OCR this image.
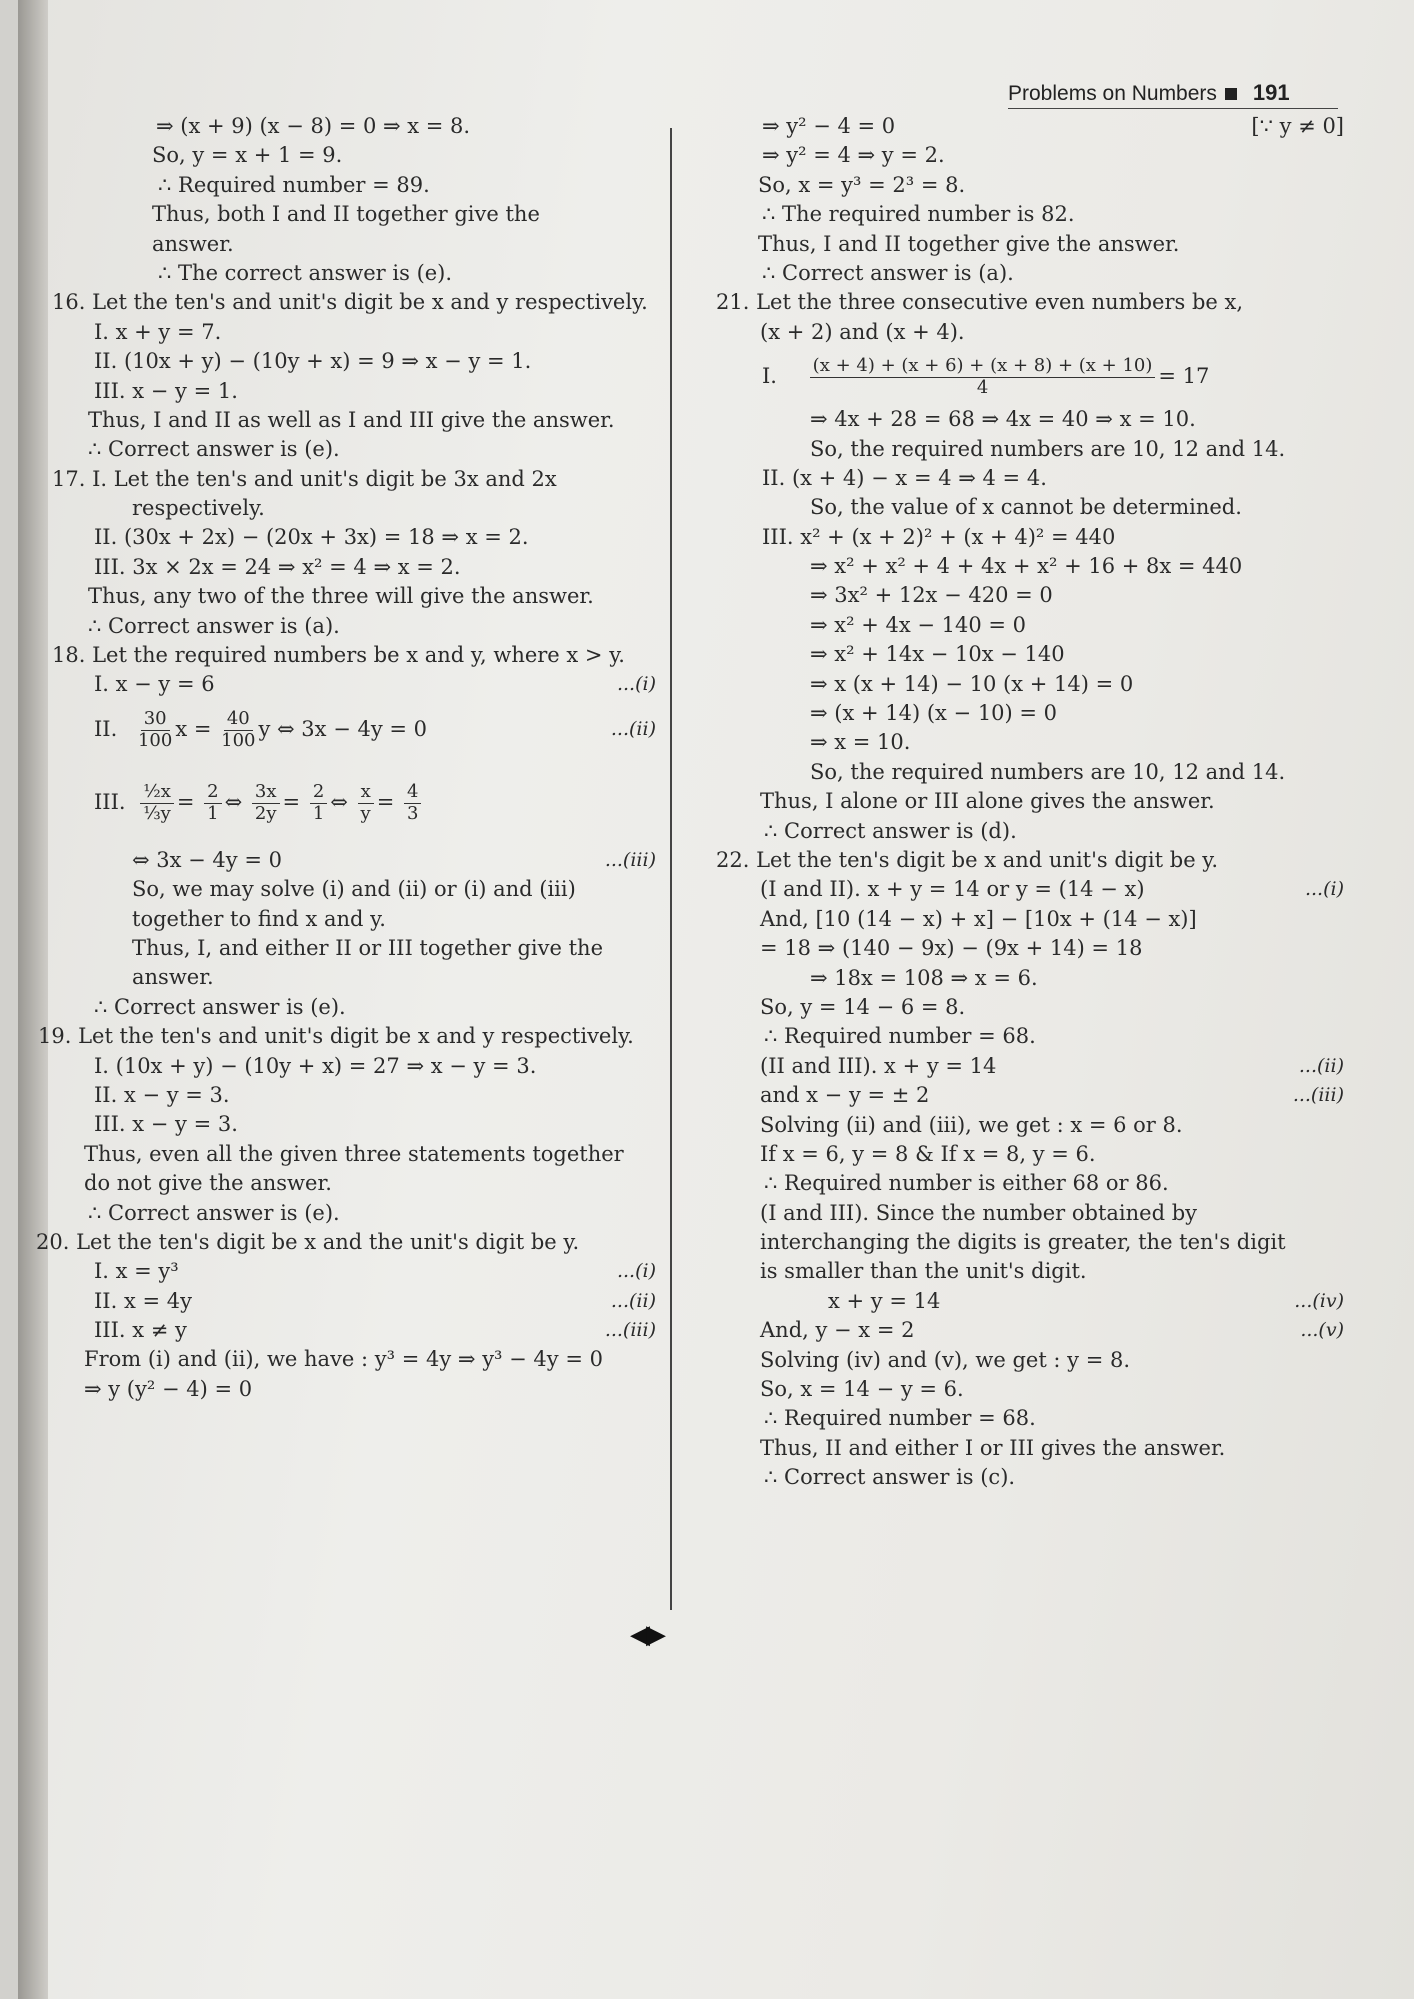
Problems on Numbers 191
⇒ (x + 9) (x − 8) = 0 ⇒ x = 8.
So, y = x + 1 = 9.
∴ Required number = 89.
Thus, both I and II together give the
answer.
∴ The correct answer is (e).
16. Let the ten's and unit's digit be x and y respectively.
I. x + y = 7.
II. (10x + y) − (10y + x) = 9 ⇒ x − y = 1.
III. x − y = 1.
Thus, I and II as well as I and III give the answer.
∴ Correct answer is (e).
17. I. Let the ten's and unit's digit be 3x and 2x
respectively.
II. (30x + 2x) − (20x + 3x) = 18 ⇒ x = 2.
III. 3x × 2x = 24 ⇒ x² = 4 ⇒ x = 2.
Thus, any two of the three will give the answer.
∴ Correct answer is (a).
18. Let the required numbers be x and y, where x > y.
I. x − y = 6	...(i)
II. $\frac{30}{100}$ $x = \frac{40}{100}$ y ⇔ 3x − 4y = 0	...(ii)
III. $\frac{\text{½x}}{\text{⅓y}} = \frac{2}{1}$ ⇔ $\frac{3x}{2y} = \frac{2}{1}$ ⇔ $\frac{x}{y} = \frac{4}{3}$
⇔ 3x − 4y = 0	...(iii)
So, we may solve (i) and (ii) or (i) and (iii)
together to find x and y.
Thus, I, and either II or III together give the
answer.
∴ Correct answer is (e).
19. Let the ten's and unit's digit be x and y respectively.
I. (10x + y) − (10y + x) = 27 ⇒ x − y = 3.
II. x − y = 3.
III. x − y = 3.
Thus, even all the given three statements together
do not give the answer.
∴ Correct answer is (e).
20. Let the ten's digit be x and the unit's digit be y.
I. x = y³	...(i)
II. x = 4y	...(ii)
III. x ≠ y	...(iii)
From (i) and (ii), we have : y³ = 4y ⇒ y³ − 4y = 0
⇒ y (y² − 4) = 0
⇒ y² − 4 = 0	[∵ y ≠ 0]
⇒ y² = 4 ⇒ y = 2.
So, x = y³ = 2³ = 8.
∴ The required number is 82.
Thus, I and II together give the answer.
∴ Correct answer is (a).
21. Let the three consecutive even numbers be x,
(x + 2) and (x + 4).
I. $\frac{(x + 4) + (x + 6) + (x + 8) + (x + 10)}{4} = 17$
⇒ 4x + 28 = 68 ⇒ 4x = 40 ⇒ x = 10.
So, the required numbers are 10, 12 and 14.
II. (x + 4) − x = 4 ⇒ 4 = 4.
So, the value of x cannot be determined.
III. x² + (x + 2)² + (x + 4)² = 440
⇒ x² + x² + 4 + 4x + x² + 16 + 8x = 440
⇒ 3x² + 12x − 420 = 0
⇒ x² + 4x − 140 = 0
⇒ x² + 14x − 10x − 140
⇒ x (x + 14) − 10 (x + 14) = 0
⇒ (x + 14) (x − 10) = 0
⇒ x = 10.
So, the required numbers are 10, 12 and 14.
Thus, I alone or III alone gives the answer.
∴ Correct answer is (d).
22. Let the ten's digit be x and unit's digit be y.
(I and II). x + y = 14 or y = (14 − x)	...(i)
And, [10 (14 − x) + x] − [10x + (14 − x)]
= 18 ⇒ (140 − 9x) − (9x + 14) = 18
⇒ 18x = 108 ⇒ x = 6.
So, y = 14 − 6 = 8.
∴ Required number = 68.
(II and III). x + y = 14	...(ii)
and x − y = ± 2	...(iii)
Solving (ii) and (iii), we get : x = 6 or 8.
If x = 6, y = 8 & If x = 8, y = 6.
∴ Required number is either 68 or 86.
(I and III). Since the number obtained by
interchanging the digits is greater, the ten's digit
is smaller than the unit's digit.
x + y = 14	...(iv)
And, y − x = 2	...(v)
Solving (iv) and (v), we get : y = 8.
So, x = 14 − y = 6.
∴ Required number = 68.
Thus, II and either I or III gives the answer.
∴ Correct answer is (c).
◀▶
